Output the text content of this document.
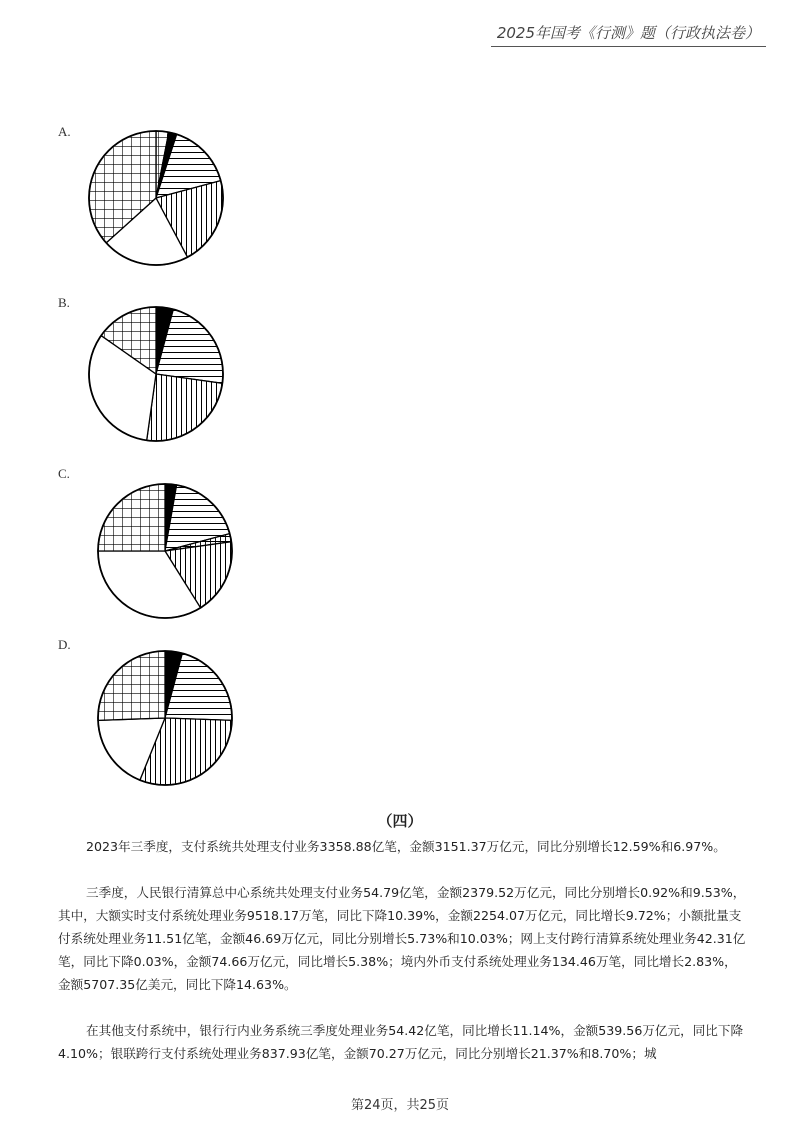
2025年国考《行测》题（行政执法卷）
A.
B.
C.
D.
（四）

2023年三季度，支付系统共处理支付业务3358.88亿笔，金额3151.37万亿元，同比分别增长12.59%和6.97%。

三季度，人民银行清算总中心系统共处理支付业务54.79亿笔，金额2379.52万亿元，同比分别增长0.92%和9.53%，其中，大额实时支付系统处理业务9518.17万笔，同比下降10.39%，金额2254.07万亿元，同比增长9.72%；小额批量支付系统处理业务11.51亿笔，金额46.69万亿元，同比分别增长5.73%和10.03%；网上支付跨行清算系统处理业务42.31亿笔，同比下降0.03%，金额74.66万亿元，同比增长5.38%；境内外币支付系统处理业务134.46万笔，同比增长2.83%，金额5707.35亿美元，同比下降14.63%。

在其他支付系统中，银行行内业务系统三季度处理业务54.42亿笔，同比增长11.14%，金额539.56万亿元，同比下降4.10%；银联跨行支付系统处理业务837.93亿笔，金额70.27万亿元，同比分别增长21.37%和8.70%；城

第24页，共25页
